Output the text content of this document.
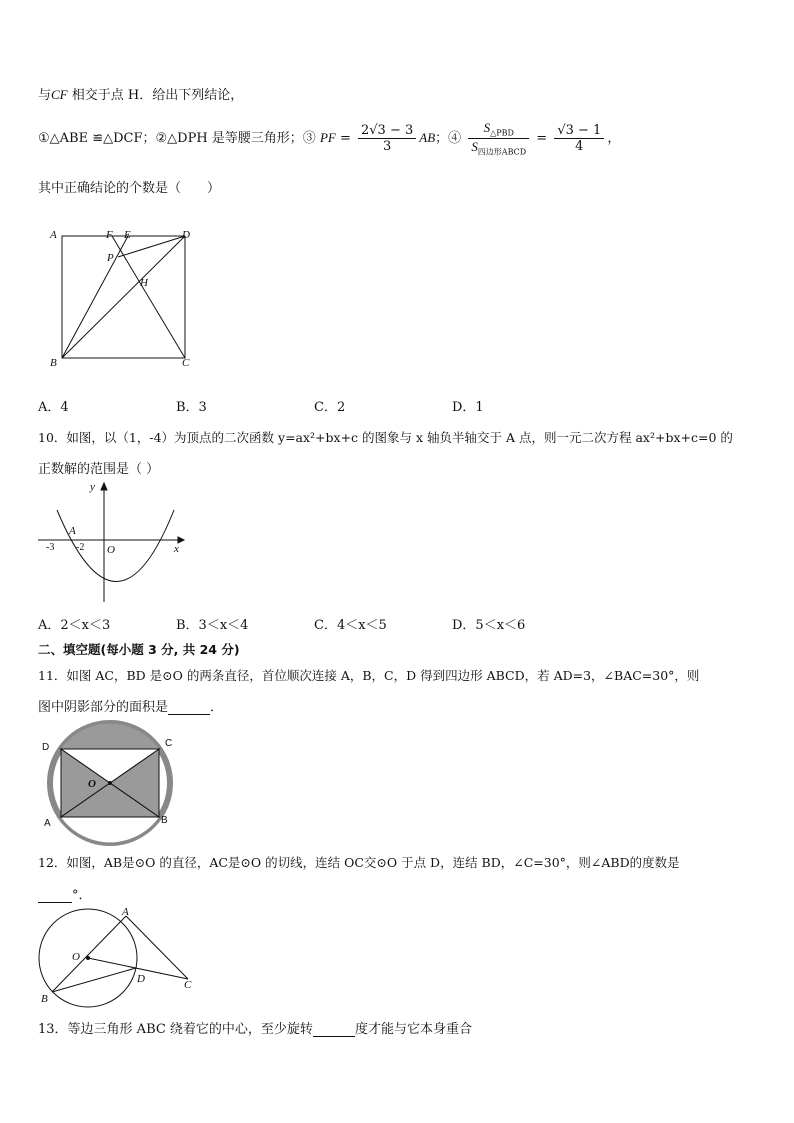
与CF 相交于点 H．给出下列结论，
①△ABE ≌△DCF；②△DPH 是等腰三角形；③ PF = $\frac{2√3 - 3}{3}$ AB；④ $\frac{S_{\triangle PBD}}{S_{四边形ABCD}} = \frac{√3 - 1}{4}$ ，
其中正确结论的个数是（　　）
A	F E	D
P
H
B	C
A．4	B．3	C．2	D．1
10．如图，以（1，-4）为顶点的二次函数 y=ax²+bx+c 的图象与 x 轴负半轴交于 A 点，则一元二次方程 ax²+bx+c=0 的
正数解的范围是（ ）
y
A
-3 -2 O	x
A．2＜x＜3	B．3＜x＜4	C．4＜x＜5	D．5＜x＜6
二、填空题(每小题 3 分, 共 24 分)
11．如图 AC，BD 是⊙O 的两条直径，首位顺次连接 A，B，C，D 得到四边形 ABCD，若 AD=3，∠BAC=30°，则
图中阴影部分的面积是	．
D	C
O
A	B
12．如图，AB是⊙O 的直径，AC是⊙O 的切线，连结 OC交⊙O 于点 D，连结 BD，∠C=30°，则∠ABD的度数是
°．
A
O
D	C
B
13．等边三角形 ABC 绕着它的中心，至少旋转	度才能与它本身重合
